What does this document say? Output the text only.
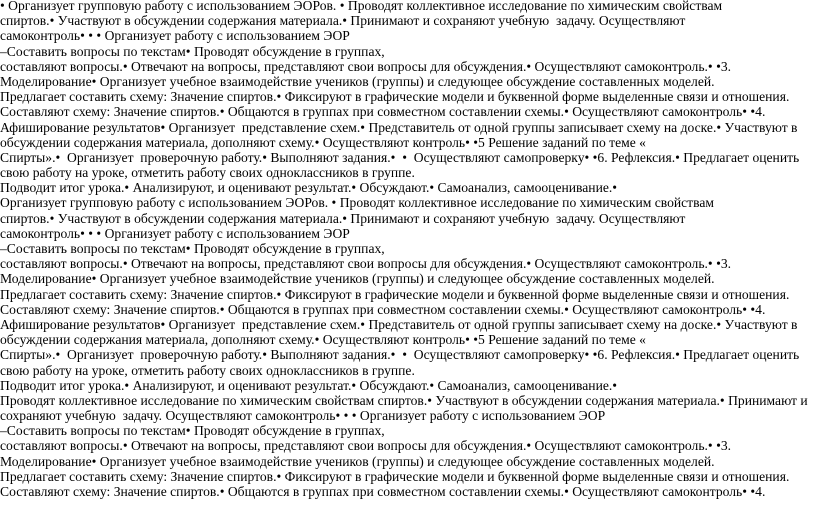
• Организует групповую работу с использованием ЭОРов. • Проводят коллективное исследование по химическим свойствам
спиртов.• Участвуют в обсуждении содержания материала.• Принимают и сохраняют учебную  задачу. Осуществляют
самоконтроль• • • Организует работу с использованием ЭОР
–Составить вопросы по текстам• Проводят обсуждение в группах,
составляют вопросы.• Отвечают на вопросы, представляют свои вопросы для обсуждения.• Осуществляют самоконтроль.• •3.
Моделирование• Организует учебное взаимодействие учеников (группы) и следующее обсуждение составленных моделей.
Предлагает составить схему: Значение спиртов.• Фиксируют в графические модели и буквенной форме выделенные связи и отношения.
Составляют схему: Значение спиртов.• Общаются в группах при совместном составлении схемы.• Осуществляют самоконтроль• •4.
Афиширование результатов• Организует  представление схем.• Представитель от одной группы записывает схему на доске.• Участвуют в
обсуждении содержания материала, дополняют схему.• Осуществляют контроль• •5 Решение заданий по теме «
Спирты».•  Организует  проверочную работу.• Выполняют задания.•  •  Осуществляют самопроверку• •6. Рефлексия.• Предлагает оценить
свою работу на уроке, отметить работу своих одноклассников в группе.
Подводит итог урока.• Анализируют, и оценивают результат.• Обсуждают.• Самоанализ, самооценивание.•
Организует групповую работу с использованием ЭОРов. • Проводят коллективное исследование по химическим свойствам
спиртов.• Участвуют в обсуждении содержания материала.• Принимают и сохраняют учебную  задачу. Осуществляют
самоконтроль• • • Организует работу с использованием ЭОР
–Составить вопросы по текстам• Проводят обсуждение в группах,
составляют вопросы.• Отвечают на вопросы, представляют свои вопросы для обсуждения.• Осуществляют самоконтроль.• •3.
Моделирование• Организует учебное взаимодействие учеников (группы) и следующее обсуждение составленных моделей.
Предлагает составить схему: Значение спиртов.• Фиксируют в графические модели и буквенной форме выделенные связи и отношения.
Составляют схему: Значение спиртов.• Общаются в группах при совместном составлении схемы.• Осуществляют самоконтроль• •4.
Афиширование результатов• Организует  представление схем.• Представитель от одной группы записывает схему на доске.• Участвуют в
обсуждении содержания материала, дополняют схему.• Осуществляют контроль• •5 Решение заданий по теме «
Спирты».•  Организует  проверочную работу.• Выполняют задания.•  •  Осуществляют самопроверку• •6. Рефлексия.• Предлагает оценить
свою работу на уроке, отметить работу своих одноклассников в группе.
Подводит итог урока.• Анализируют, и оценивают результат.• Обсуждают.• Самоанализ, самооценивание.•
Проводят коллективное исследование по химическим свойствам спиртов.• Участвуют в обсуждении содержания материала.• Принимают и
сохраняют учебную  задачу. Осуществляют самоконтроль• • • Организует работу с использованием ЭОР
–Составить вопросы по текстам• Проводят обсуждение в группах,
составляют вопросы.• Отвечают на вопросы, представляют свои вопросы для обсуждения.• Осуществляют самоконтроль.• •3.
Моделирование• Организует учебное взаимодействие учеников (группы) и следующее обсуждение составленных моделей.
Предлагает составить схему: Значение спиртов.• Фиксируют в графические модели и буквенной форме выделенные связи и отношения.
Составляют схему: Значение спиртов.• Общаются в группах при совместном составлении схемы.• Осуществляют самоконтроль• •4.
